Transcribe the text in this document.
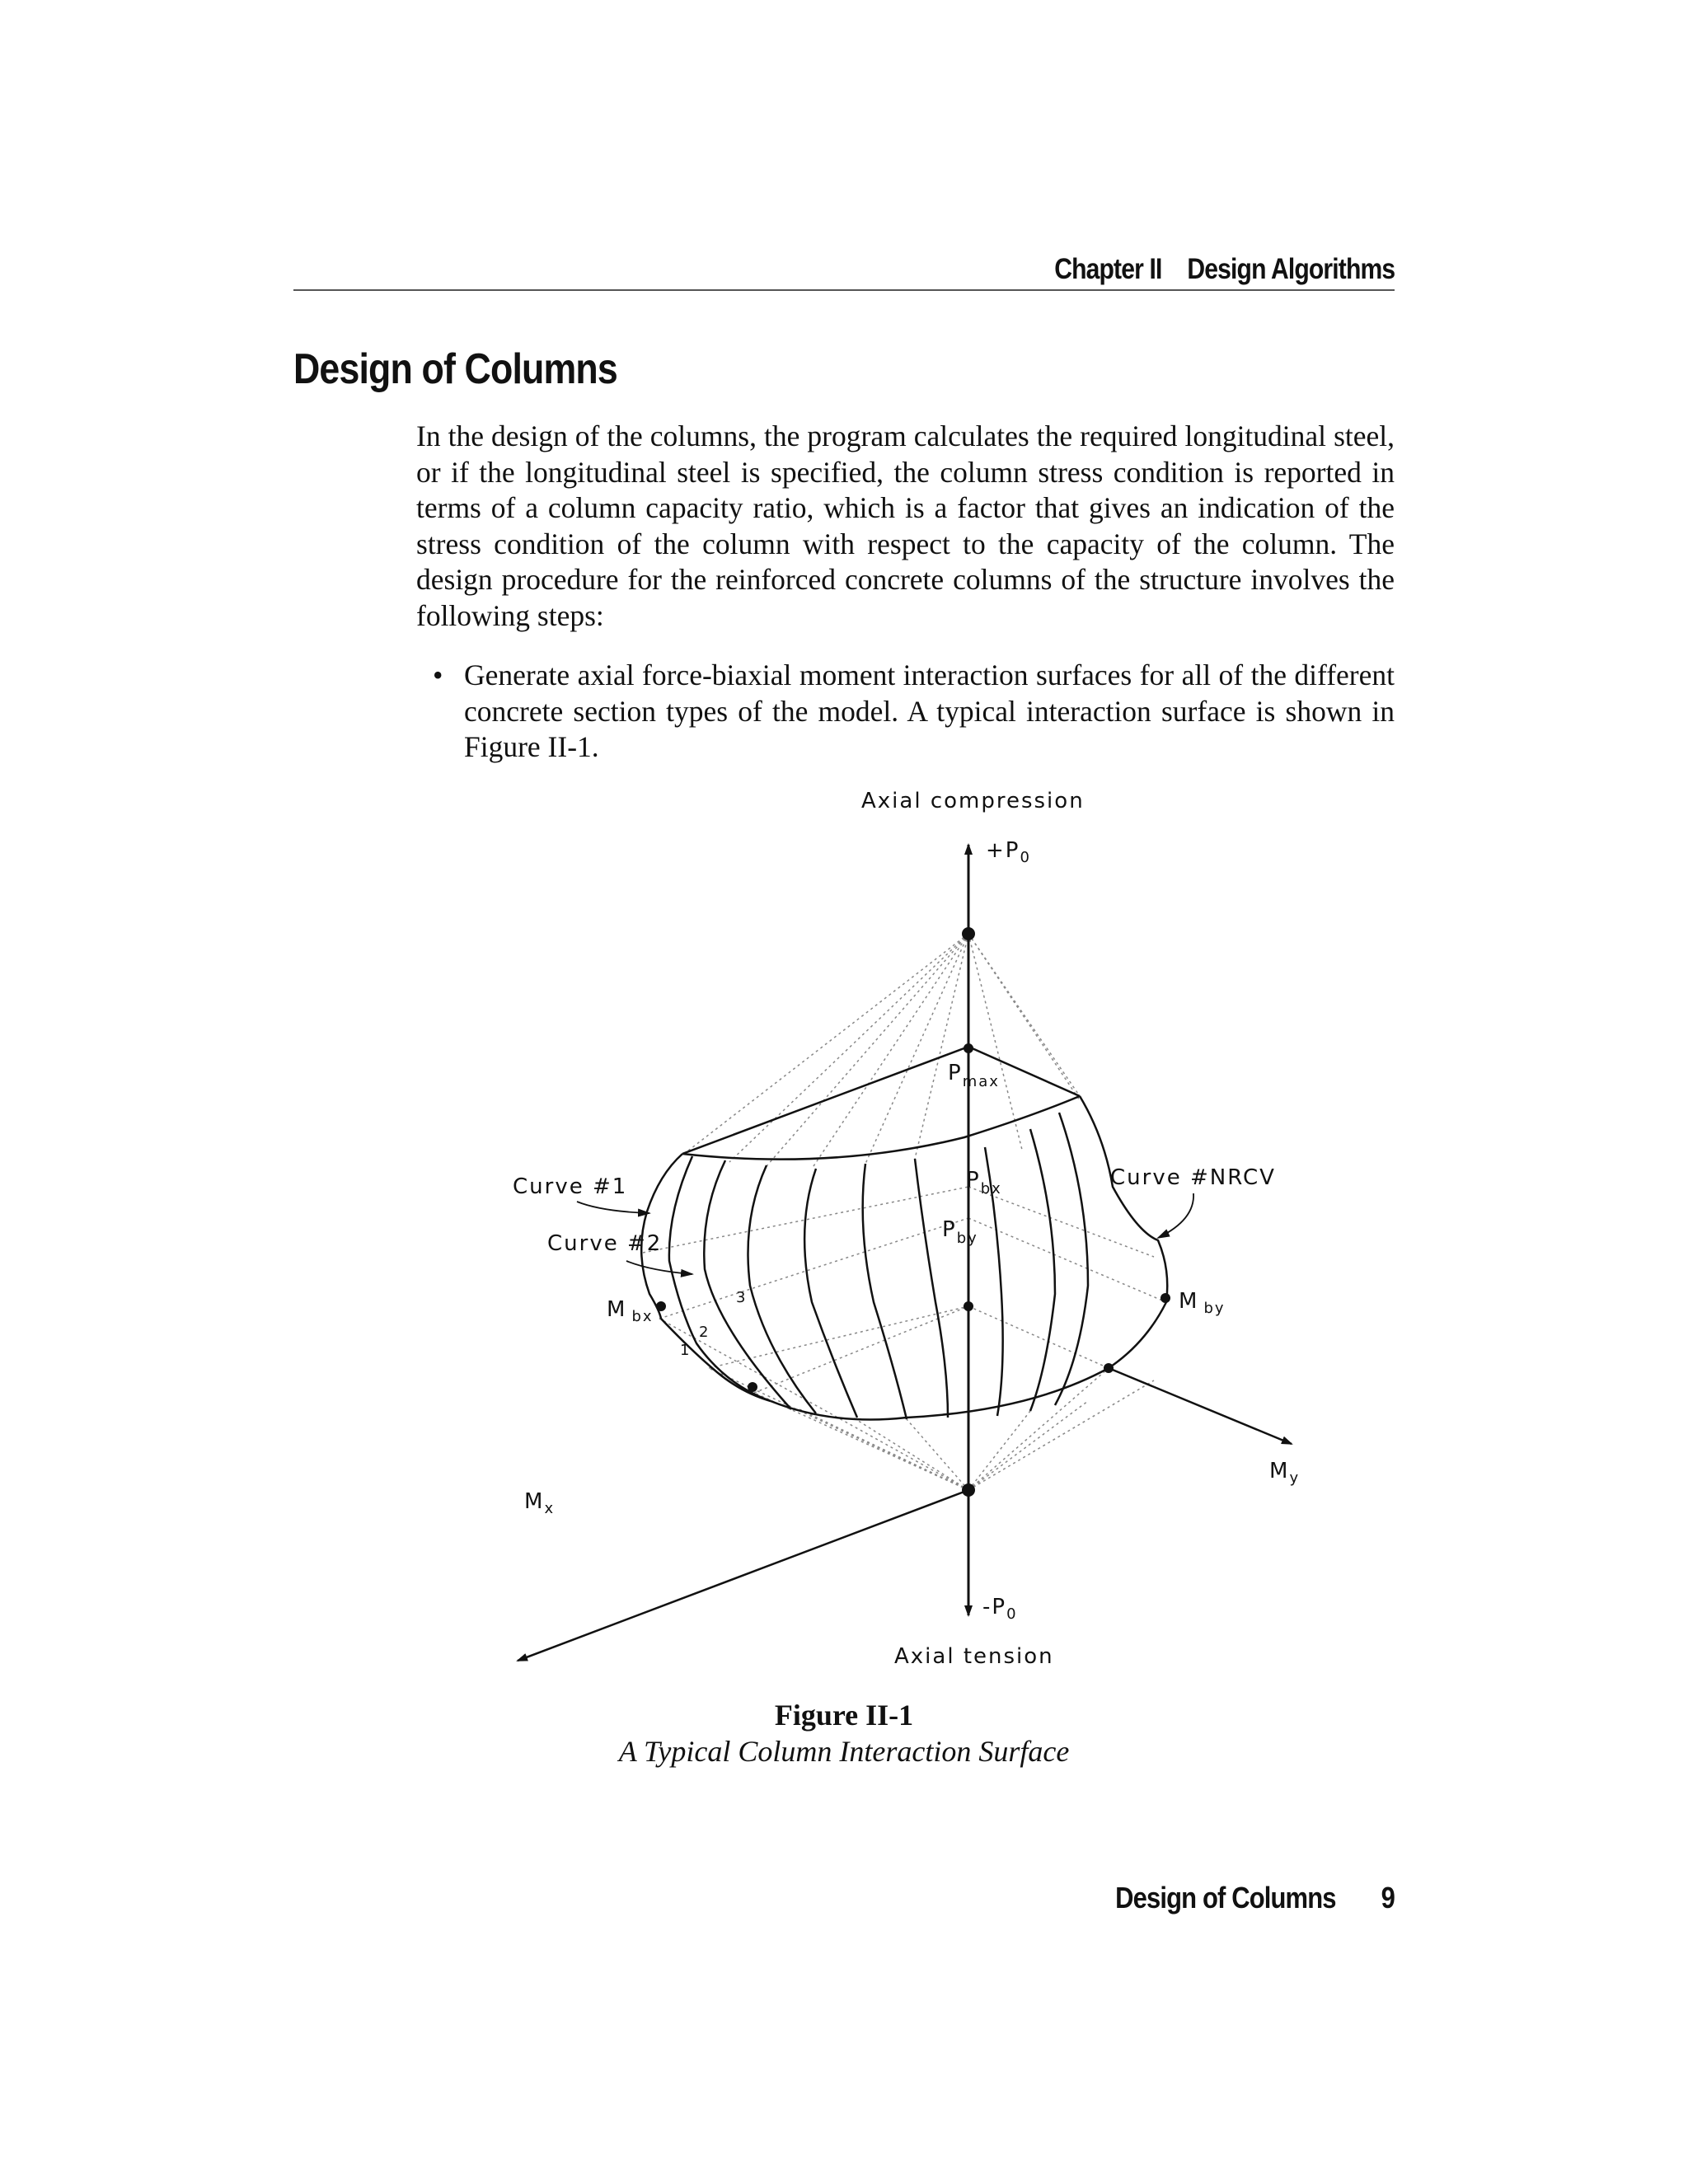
Chapter II Design Algorithms
Design of Columns

In the design of the columns, the program calculates the required longitudinal steel, or if the longitudinal steel is specified, the column stress condition is reported in terms of a column capacity ratio, which is a factor that gives an indication of the stress condition of the column with respect to the capacity of the column. The design procedure for the reinforced concrete columns of the structure involves the following steps:

• Generate axial force-biaxial moment interaction surfaces for all of the different concrete section types of the model. A typical interaction surface is shown in Figure II-1.
Axial compression
Axial tension
$+P_0$
$-P_0$
$P_{max}$
$P_{bx}$
$P_{by}$
Curve #1
Curve #2
Curve #NRCV
M $_{bx}$
M $_{by}$
$M_x$
$M_y$
1
2
3
Figure II-1
A Typical Column Interaction Surface
Design of Columns 9
